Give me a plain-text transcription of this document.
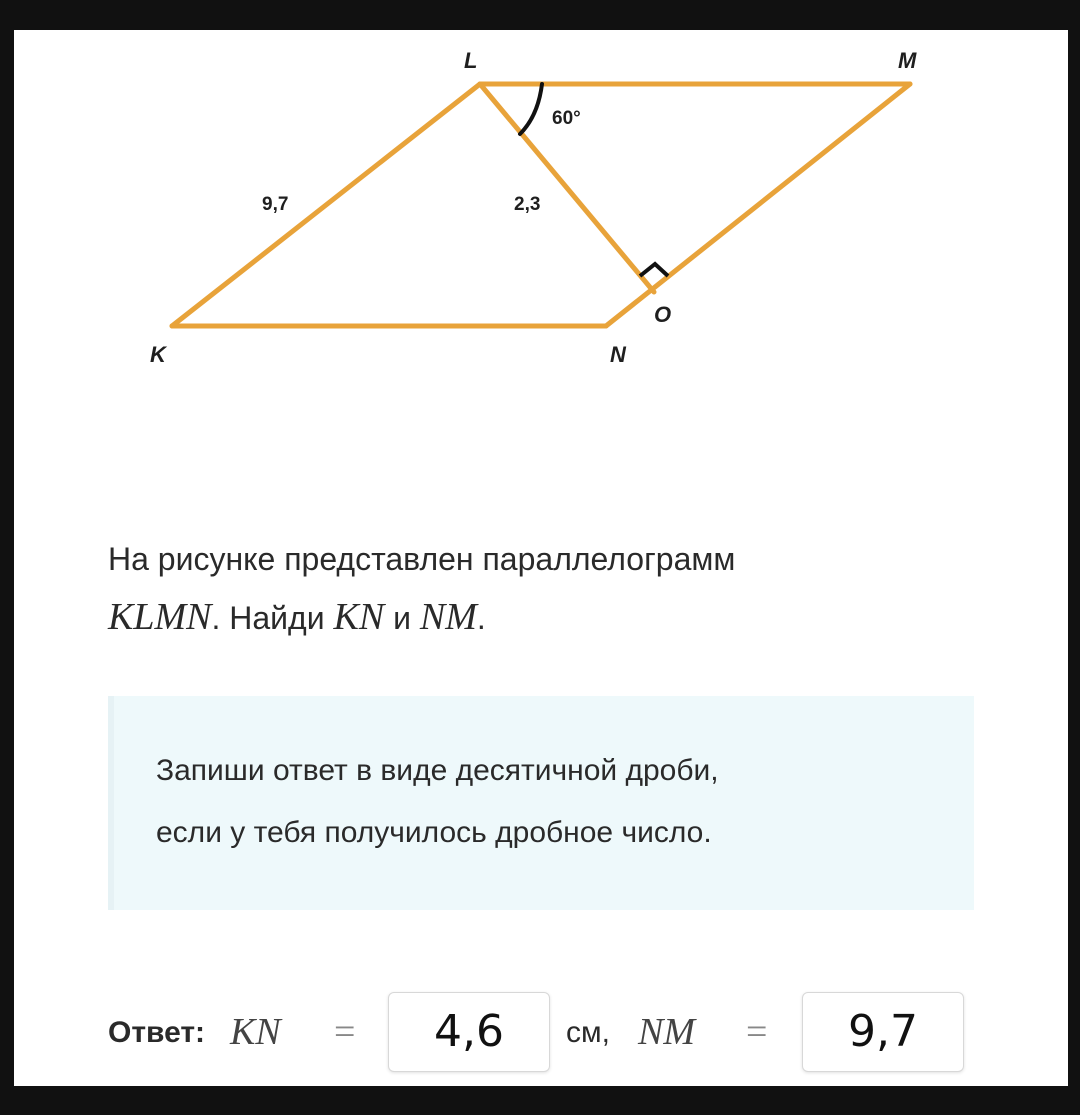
L	M
K	N
O
9,7	2,3
60°
На рисунке представлен параллелограмм
KLMN. Найди KN и NM.
Запиши ответ в виде десятичной дроби,
если у тебя получилось дробное число.
Ответ: KN =	4,6	см, NM =	9,7
